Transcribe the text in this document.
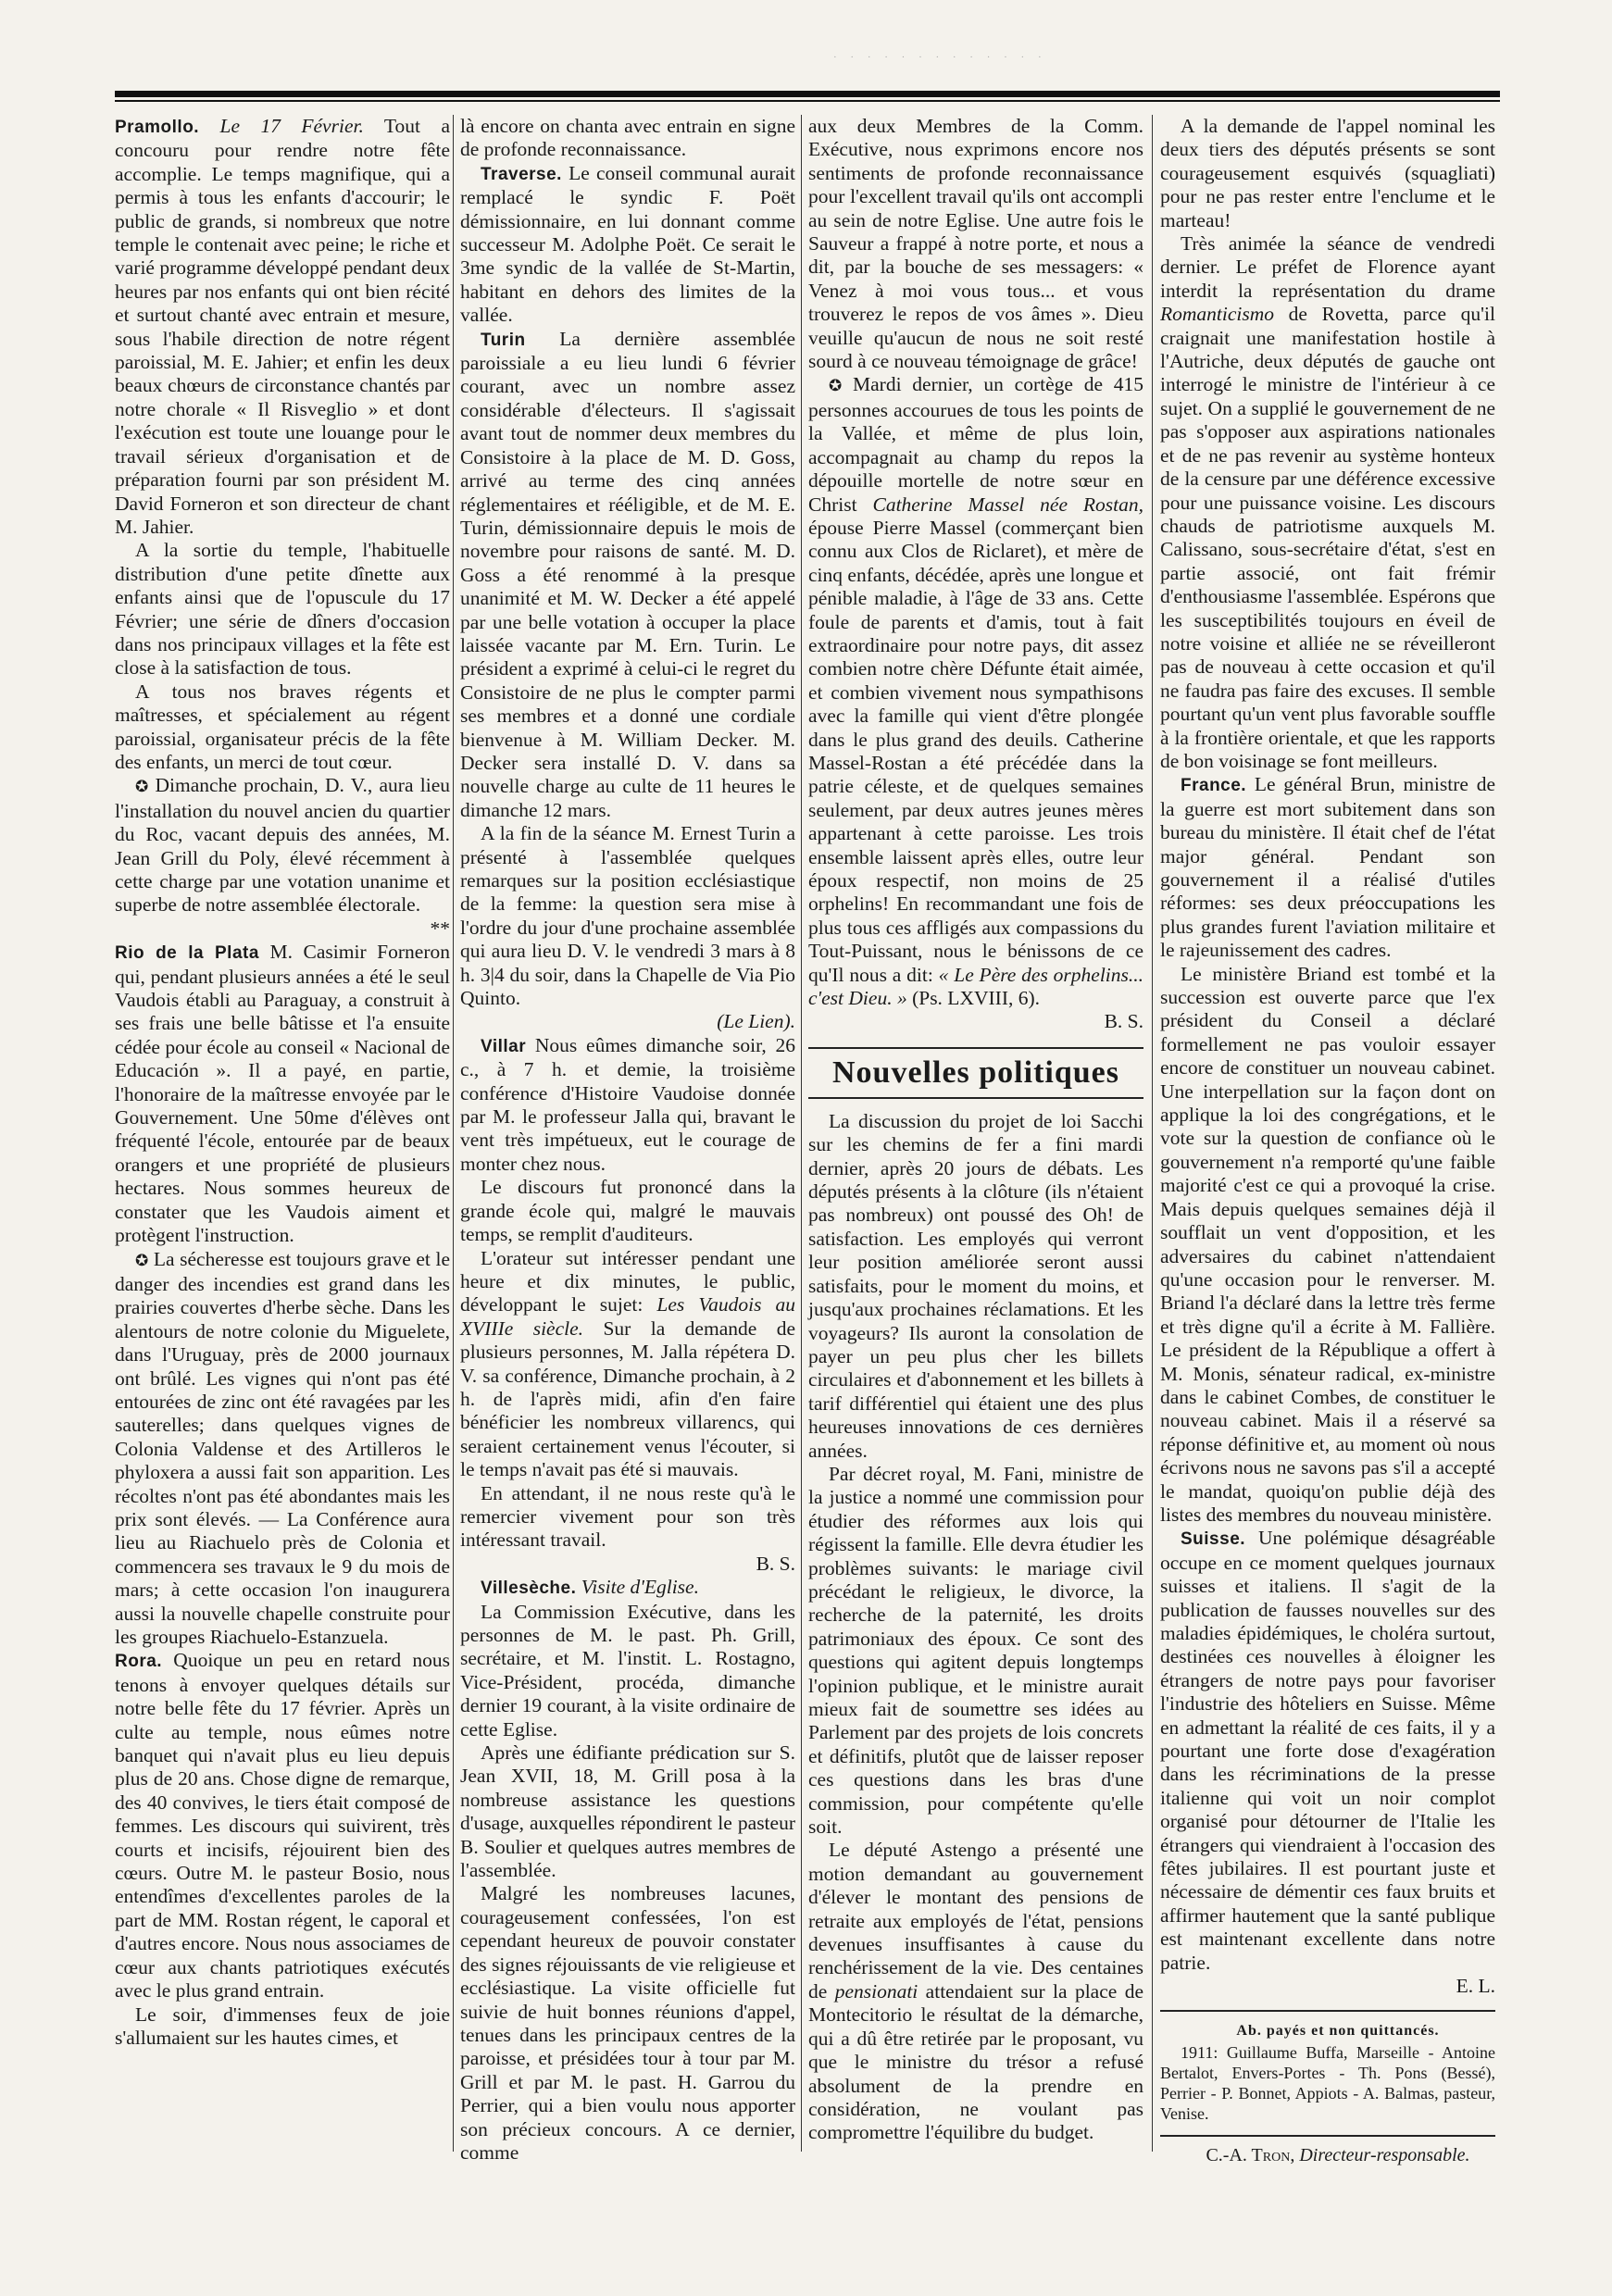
· · · · · · · · · · · · ·

Pramollo. Le 17 Février. Tout a concouru pour rendre notre fête accomplie. Le temps magnifique, qui a permis à tous les enfants d'accourir; le public de grands, si nombreux que notre temple le contenait avec peine; le riche et varié programme développé pendant deux heures par nos enfants qui ont bien récité et surtout chanté avec entrain et mesure, sous l'habile direction de notre régent paroissial, M. E. Jahier; et enfin les deux beaux chœurs de circonstance chantés par notre chorale « Il Risveglio » et dont l'exécution est toute une louange pour le travail sérieux d'organisation et de préparation fourni par son président M. David Forneron et son directeur de chant M. Jahier.

A la sortie du temple, l'habituelle distribution d'une petite dînette aux enfants ainsi que de l'opuscule du 17 Février; une série de dîners d'occasion dans nos principaux villages et la fête est close à la satisfaction de tous.

A tous nos braves régents et maîtresses, et spécialement au régent paroissial, organisateur précis de la fête des enfants, un merci de tout cœur.

✪ Dimanche prochain, D. V., aura lieu l'installation du nouvel ancien du quartier du Roc, vacant depuis des années, M. Jean Grill du Poly, élevé récemment à cette charge par une votation unanime et superbe de notre assemblée électorale.

**

Rio de la Plata M. Casimir Forneron qui, pendant plusieurs années a été le seul Vaudois établi au Paraguay, a construit à ses frais une belle bâtisse et l'a ensuite cédée pour école au conseil « Nacional de Educación ». Il a payé, en partie, l'honoraire de la maîtresse envoyée par le Gouvernement. Une 50me d'élèves ont fréquenté l'école, entourée par de beaux orangers et une propriété de plusieurs hectares. Nous sommes heureux de constater que les Vaudois aiment et protègent l'instruction.

✪ La sécheresse est toujours grave et le danger des incendies est grand dans les prairies couvertes d'herbe sèche. Dans les alentours de notre colonie du Miguelete, dans l'Uruguay, près de 2000 journaux ont brûlé. Les vignes qui n'ont pas été entourées de zinc ont été ravagées par les sauterelles; dans quelques vignes de Colonia Valdense et des Artilleros le phyloxera a aussi fait son apparition. Les récoltes n'ont pas été abondantes mais les prix sont élevés. — La Conférence aura lieu au Riachuelo près de Colonia et commencera ses travaux le 9 du mois de mars; à cette occasion l'on inaugurera aussi la nouvelle chapelle construite pour les groupes Riachuelo-Estanzuela.

Rora. Quoique un peu en retard nous tenons à envoyer quelques détails sur notre belle fête du 17 février. Après un culte au temple, nous eûmes notre banquet qui n'avait plus eu lieu depuis plus de 20 ans. Chose digne de remarque, des 40 convives, le tiers était composé de femmes. Les discours qui suivirent, très courts et incisifs, réjouirent bien des cœurs. Outre M. le pasteur Bosio, nous entendîmes d'excellentes paroles de la part de MM. Rostan régent, le caporal et d'autres encore. Nous nous associames de cœur aux chants patriotiques exécutés avec le plus grand entrain.

Le soir, d'immenses feux de joie s'allumaient sur les hautes cimes, et

là encore on chanta avec entrain en signe de profonde reconnaissance.

Traverse. Le conseil communal aurait remplacé le syndic F. Poët démissionnaire, en lui donnant comme successeur M. Adolphe Poët. Ce serait le 3me syndic de la vallée de St-Martin, habitant en dehors des limites de la vallée.

Turin La dernière assemblée paroissiale a eu lieu lundi 6 février courant, avec un nombre assez considérable d'électeurs. Il s'agissait avant tout de nommer deux membres du Consistoire à la place de M. D. Goss, arrivé au terme des cinq années réglementaires et rééligible, et de M. E. Turin, démissionnaire depuis le mois de novembre pour raisons de santé. M. D. Goss a été renommé à la presque unanimité et M. W. Decker a été appelé par une belle votation à occuper la place laissée vacante par M. Ern. Turin. Le président a exprimé à celui-ci le regret du Consistoire de ne plus le compter parmi ses membres et a donné une cordiale bienvenue à M. William Decker. M. Decker sera installé D. V. dans sa nouvelle charge au culte de 11 heures le dimanche 12 mars.

A la fin de la séance M. Ernest Turin a présenté à l'assemblée quelques remarques sur la position ecclésiastique de la femme: la question sera mise à l'ordre du jour d'une prochaine assemblée qui aura lieu D. V. le vendredi 3 mars à 8 h. 3|4 du soir, dans la Chapelle de Via Pio Quinto.

(Le Lien).

Villar Nous eûmes dimanche soir, 26 c., à 7 h. et demie, la troisième conférence d'Histoire Vaudoise donnée par M. le professeur Jalla qui, bravant le vent très impétueux, eut le courage de monter chez nous.

Le discours fut prononcé dans la grande école qui, malgré le mauvais temps, se remplit d'auditeurs.

L'orateur sut intéresser pendant une heure et dix minutes, le public, développant le sujet: Les Vaudois au XVIIIe siècle. Sur la demande de plusieurs personnes, M. Jalla répétera D. V. sa conférence, Dimanche prochain, à 2 h. de l'après midi, afin d'en faire bénéficier les nombreux villarencs, qui seraient certainement venus l'écouter, si le temps n'avait pas été si mauvais.

En attendant, il ne nous reste qu'à le remercier vivement pour son très intéressant travail.

B. S.

Villesèche. Visite d'Eglise.

La Commission Exécutive, dans les personnes de M. le past. Ph. Grill, secrétaire, et M. l'instit. L. Rostagno, Vice-Président, procéda, dimanche dernier 19 courant, à la visite ordinaire de cette Eglise.

Après une édifiante prédication sur S. Jean XVII, 18, M. Grill posa à la nombreuse assistance les questions d'usage, auxquelles répondirent le pasteur B. Soulier et quelques autres membres de l'assemblée.

Malgré les nombreuses lacunes, courageusement confessées, l'on est cependant heureux de pouvoir constater des signes réjouissants de vie religieuse et ecclésiastique. La visite officielle fut suivie de huit bonnes réunions d'appel, tenues dans les principaux centres de la paroisse, et présidées tour à tour par M. Grill et par M. le past. H. Garrou du Perrier, qui a bien voulu nous apporter son précieux concours. A ce dernier, comme

aux deux Membres de la Comm. Exécutive, nous exprimons encore nos sentiments de profonde reconnaissance pour l'excellent travail qu'ils ont accompli au sein de notre Eglise. Une autre fois le Sauveur a frappé à notre porte, et nous a dit, par la bouche de ses messagers: « Venez à moi vous tous... et vous trouverez le repos de vos âmes ». Dieu veuille qu'aucun de nous ne soit resté sourd à ce nouveau témoignage de grâce!

✪ Mardi dernier, un cortège de 415 personnes accourues de tous les points de la Vallée, et même de plus loin, accompagnait au champ du repos la dépouille mortelle de notre sœur en Christ Catherine Massel née Rostan, épouse Pierre Massel (commerçant bien connu aux Clos de Riclaret), et mère de cinq enfants, décédée, après une longue et pénible maladie, à l'âge de 33 ans. Cette foule de parents et d'amis, tout à fait extraordinaire pour notre pays, dit assez combien notre chère Défunte était aimée, et combien vivement nous sympathisons avec la famille qui vient d'être plongée dans le plus grand des deuils. Catherine Massel-Rostan a été précédée dans la patrie céleste, et de quelques semaines seulement, par deux autres jeunes mères appartenant à cette paroisse. Les trois ensemble laissent après elles, outre leur époux respectif, non moins de 25 orphelins! En recommandant une fois de plus tous ces affligés aux compassions du Tout-Puissant, nous le bénissons de ce qu'Il nous a dit: « Le Père des orphelins... c'est Dieu. » (Ps. LXVIII, 6).

B. S.

Nouvelles politiques

La discussion du projet de loi Sacchi sur les chemins de fer a fini mardi dernier, après 20 jours de débats. Les députés présents à la clôture (ils n'étaient pas nombreux) ont poussé des Oh! de satisfaction. Les employés qui verront leur position améliorée seront aussi satisfaits, pour le moment du moins, et jusqu'aux prochaines réclamations. Et les voyageurs? Ils auront la consolation de payer un peu plus cher les billets circulaires et d'abonnement et les billets à tarif différentiel qui étaient une des plus heureuses innovations de ces dernières années.

Par décret royal, M. Fani, ministre de la justice a nommé une commission pour étudier des réformes aux lois qui régissent la famille. Elle devra étudier les problèmes suivants: le mariage civil précédant le religieux, le divorce, la recherche de la paternité, les droits patrimoniaux des époux. Ce sont des questions qui agitent depuis longtemps l'opinion publique, et le ministre aurait mieux fait de soumettre ses idées au Parlement par des projets de lois concrets et définitifs, plutôt que de laisser reposer ces questions dans les bras d'une commission, pour compétente qu'elle soit.

Le député Astengo a présenté une motion demandant au gouvernement d'élever le montant des pensions de retraite aux employés de l'état, pensions devenues insuffisantes à cause du renchérissement de la vie. Des centaines de pensionati attendaient sur la place de Montecitorio le résultat de la démarche, qui a dû être retirée par le proposant, vu que le ministre du trésor a refusé absolument de la prendre en considération, ne voulant pas compromettre l'équilibre du budget.

A la demande de l'appel nominal les deux tiers des députés présents se sont courageusement esquivés (squagliati) pour ne pas rester entre l'enclume et le marteau!

Très animée la séance de vendredi dernier. Le préfet de Florence ayant interdit la représentation du drame Romanticismo de Rovetta, parce qu'il craignait une manifestation hostile à l'Autriche, deux députés de gauche ont interrogé le ministre de l'intérieur à ce sujet. On a supplié le gouvernement de ne pas s'opposer aux aspirations nationales et de ne pas revenir au système honteux de la censure par une déférence excessive pour une puissance voisine. Les discours chauds de patriotisme auxquels M. Calissano, sous-secrétaire d'état, s'est en partie associé, ont fait frémir d'enthousiasme l'assemblée. Espérons que les susceptibilités toujours en éveil de notre voisine et alliée ne se réveilleront pas de nouveau à cette occasion et qu'il ne faudra pas faire des excuses. Il semble pourtant qu'un vent plus favorable souffle à la frontière orientale, et que les rapports de bon voisinage se font meilleurs.

France. Le général Brun, ministre de la guerre est mort subitement dans son bureau du ministère. Il était chef de l'état major général. Pendant son gouvernement il a réalisé d'utiles réformes: ses deux préoccupations les plus grandes furent l'aviation militaire et le rajeunissement des cadres.

Le ministère Briand est tombé et la succession est ouverte parce que l'ex président du Conseil a déclaré formellement ne pas vouloir essayer encore de constituer un nouveau cabinet. Une interpellation sur la façon dont on applique la loi des congrégations, et le vote sur la question de confiance où le gouvernement n'a remporté qu'une faible majorité c'est ce qui a provoqué la crise. Mais depuis quelques semaines déjà il soufflait un vent d'opposition, et les adversaires du cabinet n'attendaient qu'une occasion pour le renverser. M. Briand l'a déclaré dans la lettre très ferme et très digne qu'il a écrite à M. Fallière. Le président de la République a offert à M. Monis, sénateur radical, ex-ministre dans le cabinet Combes, de constituer le nouveau cabinet. Mais il a réservé sa réponse définitive et, au moment où nous écrivons nous ne savons pas s'il a accepté le mandat, quoiqu'on publie déjà des listes des membres du nouveau ministère.

Suisse. Une polémique désagréable occupe en ce moment quelques journaux suisses et italiens. Il s'agit de la publication de fausses nouvelles sur des maladies épidémiques, le choléra surtout, destinées ces nouvelles à éloigner les étrangers de notre pays pour favoriser l'industrie des hôteliers en Suisse. Même en admettant la réalité de ces faits, il y a pourtant une forte dose d'exagération dans les récriminations de la presse italienne qui voit un noir complot organisé pour détourner de l'Italie les étrangers qui viendraient à l'occasion des fêtes jubilaires. Il est pourtant juste et nécessaire de démentir ces faux bruits et affirmer hautement que la santé publique est maintenant excellente dans notre patrie.

E. L.

Ab. payés et non quittancés.

1911: Guillaume Buffa, Marseille - Antoine Bertalot, Envers-Portes - Th. Pons (Bessé), Perrier - P. Bonnet, Appiots - A. Balmas, pasteur, Venise.

C.-A. Tron, Directeur-responsable.
